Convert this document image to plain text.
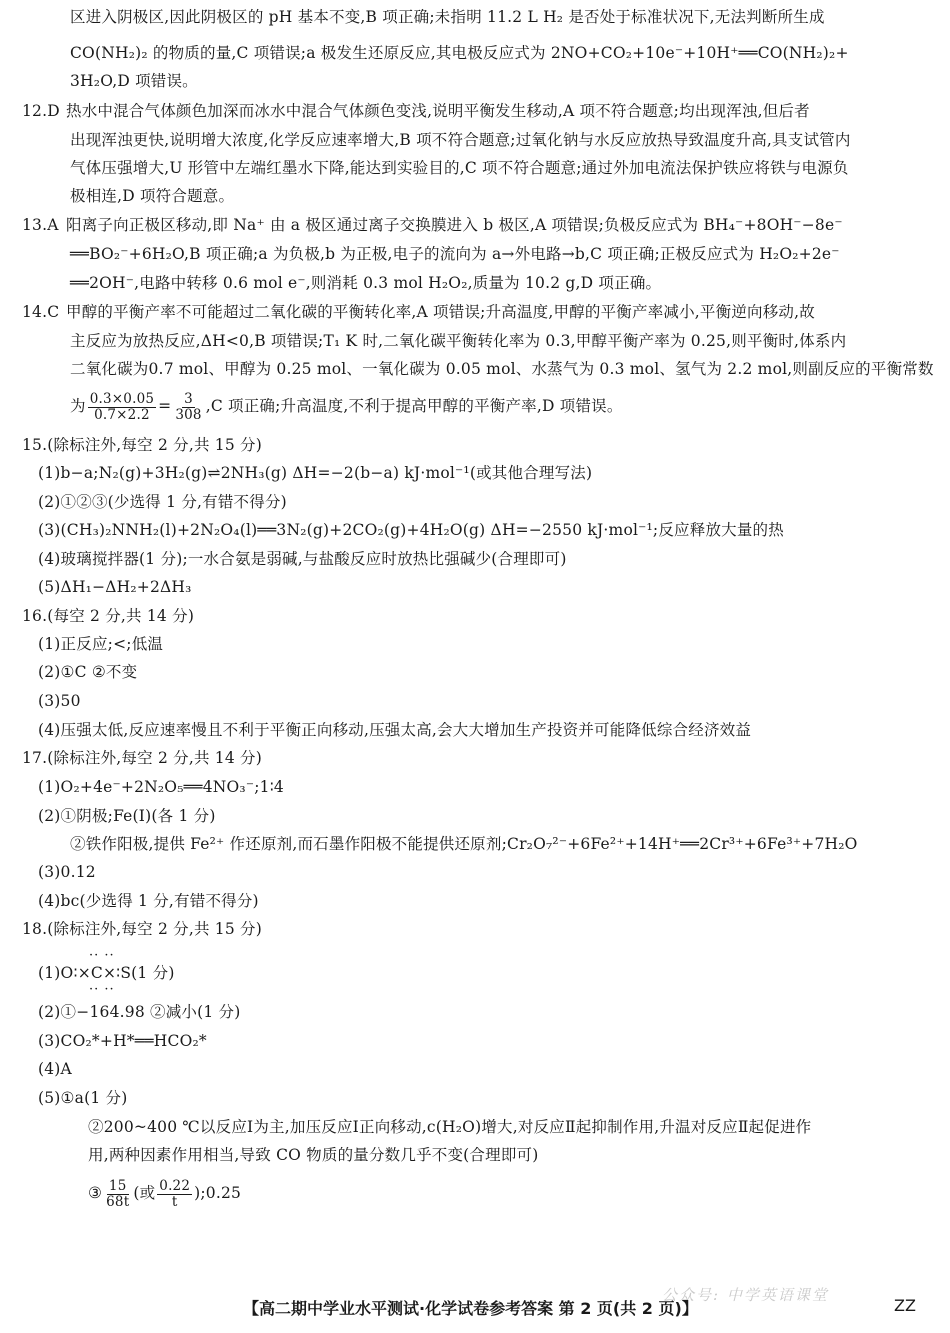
区进入阴极区,因此阴极区的 pH 基本不变,B 项正确;未指明 11.2 L H₂ 是否处于标准状况下,无法判断所生成
CO(NH₂)₂ 的物质的量,C 项错误;a 极发生还原反应,其电极反应式为 2NO+CO₂+10e⁻+10H⁺══CO(NH₂)₂+
3H₂O,D 项错误。
12.D 热水中混合气体颜色加深而冰水中混合气体颜色变浅,说明平衡发生移动,A 项不符合题意;均出现浑浊,但后者
出现浑浊更快,说明增大浓度,化学反应速率增大,B 项不符合题意;过氧化钠与水反应放热导致温度升高,具支试管内
气体压强增大,U 形管中左端红墨水下降,能达到实验目的,C 项不符合题意;通过外加电流法保护铁应将铁与电源负
极相连,D 项符合题意。
13.A 阳离子向正极区移动,即 Na⁺ 由 a 极区通过离子交换膜进入 b 极区,A 项错误;负极反应式为 BH₄⁻+8OH⁻−8e⁻
══BO₂⁻+6H₂O,B 项正确;a 为负极,b 为正极,电子的流向为 a→外电路→b,C 项正确;正极反应式为 H₂O₂+2e⁻
══2OH⁻,电路中转移 0.6 mol e⁻,则消耗 0.3 mol H₂O₂,质量为 10.2 g,D 项正确。
14.C 甲醇的平衡产率不可能超过二氧化碳的平衡转化率,A 项错误;升高温度,甲醇的平衡产率减小,平衡逆向移动,故
主反应为放热反应,ΔH<0,B 项错误;T₁ K 时,二氧化碳平衡转化率为 0.3,甲醇平衡产率为 0.25,则平衡时,体系内
二氧化碳为0.7 mol、甲醇为 0.25 mol、一氧化碳为 0.05 mol、水蒸气为 0.3 mol、氢气为 2.2 mol,则副反应的平衡常数
为 $\frac{0.3\times 0.05}{0.7\times 2.2} = \frac{3}{308} ,C$ 项正确;升高温度,不利于提高甲醇的平衡产率,D 项错误。
15.(除标注外,每空 2 分,共 15 分)
(1)b−a;N₂(g)+3H₂(g)⇌2NH₃(g) ΔH=−2(b−a) kJ·mol⁻¹(或其他合理写法)
(2)①②③(少选得 1 分,有错不得分)
(3)(CH₃)₂NNH₂(l)+2N₂O₄(l)══3N₂(g)+2CO₂(g)+4H₂O(g) ΔH=−2550 kJ·mol⁻¹;反应释放大量的热
(4)玻璃搅拌器(1 分);一水合氨是弱碱,与盐酸反应时放热比强碱少(合理即可)
(5)ΔH₁−ΔH₂+2ΔH₃
16.(每空 2 分,共 14 分)
(1)正反应;<;低温
(2)①C ②不变
(3)50
(4)压强太低,反应速率慢且不利于平衡正向移动,压强太高,会大大增加生产投资并可能降低综合经济效益
17.(除标注外,每空 2 分,共 14 分)
(1)O₂+4e⁻+2N₂O₅══4NO₃⁻;1∶4
(2)①阴极;Fe(Ⅰ)(各 1 分)
②铁作阳极,提供 Fe²⁺ 作还原剂,而石墨作阳极不能提供还原剂;Cr₂O₇²⁻+6Fe²⁺+14H⁺══2Cr³⁺+6Fe³⁺+7H₂O
(3)0.12
(4)bc(少选得 1 分,有错不得分)
18.(除标注外,每空 2 分,共 15 分)
·· ··
(1)O∶×C×∶S(1 分)
·· ··
(2)①−164.98 ②减小(1 分)
(3)CO₂*+H*══HCO₂*
(4)A
(5)①a(1 分)
②200~400 ℃以反应Ⅰ为主,加压反应Ⅰ正向移动,c(H₂O)增大,对反应Ⅱ起抑制作用,升温对反应Ⅱ起促进作
用,两种因素作用相当,导致 CO 物质的量分数几乎不变(合理即可)
③ $\frac{15}{68t}$ (或 $\frac{0.22}{t}$ );0.25
公众号: 中学英语课堂
【高二期中学业水平测试·化学试卷参考答案 第 2 页(共 2 页)】	ZZ
